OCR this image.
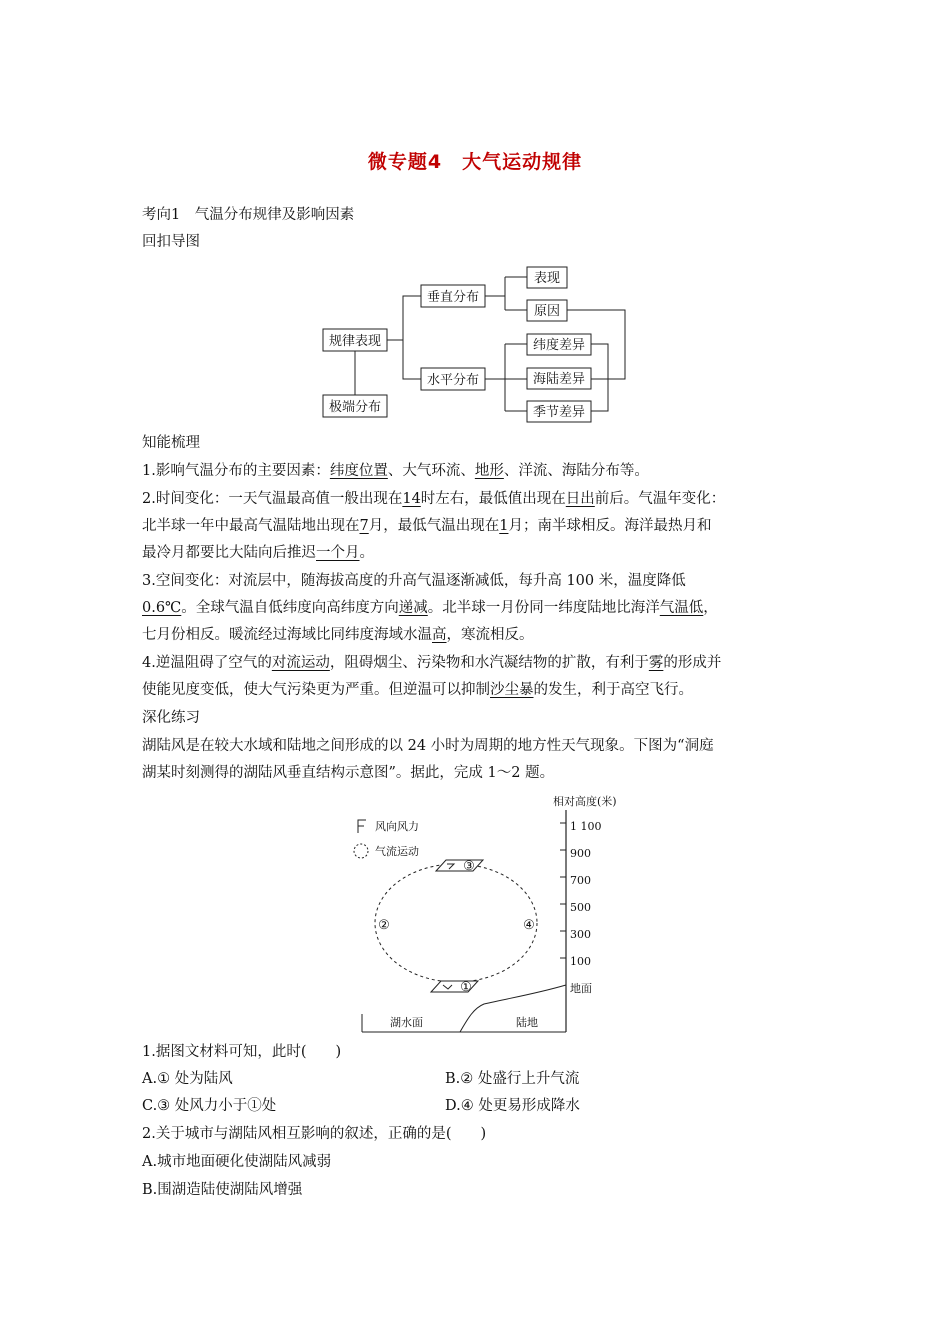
微专题4　大气运动规律
考向1　气温分布规律及影响因素
回扣导图
规律表现
极端分布
垂直分布
水平分布
表现
原因
纬度差异
海陆差异
季节差异
知能梳理
1.影响气温分布的主要因素：纬度位置、大气环流、地形、洋流、海陆分布等。
2.时间变化：一天气温最高值一般出现在14时左右，最低值出现在日出前后。气温年变化：
北半球一年中最高气温陆地出现在7月，最低气温出现在1月；南半球相反。海洋最热月和
最冷月都要比大陆向后推迟一个月。
3.空间变化：对流层中，随海拔高度的升高气温逐渐减低，每升高 100 米，温度降低
0.6℃。全球气温自低纬度向高纬度方向递减。北半球一月份同一纬度陆地比海洋气温低，
七月份相反。暖流经过海域比同纬度海域水温高，寒流相反。
4.逆温阻碍了空气的对流运动，阻碍烟尘、污染物和水汽凝结物的扩散，有利于雾的形成并
使能见度变低，使大气污染更为严重。但逆温可以抑制沙尘暴的发生，利于高空飞行。
深化练习
湖陆风是在较大水域和陆地之间形成的以 24 小时为周期的地方性天气现象。下图为“洞庭
湖某时刻测得的湖陆风垂直结构示意图”。据此，完成 1～2 题。
相对高度(米)
1 100
900
700
500
300
100
地面
风向风力
气流运动
湖水面	陆地
③
①
②	④
1.据图文材料可知，此时(　　)
A.① 处为陆风	B.② 处盛行上升气流
C.③ 处风力小于①处	D.④ 处更易形成降水
2.关于城市与湖陆风相互影响的叙述，正确的是(　　)
A.城市地面硬化使湖陆风减弱
B.围湖造陆使湖陆风增强
